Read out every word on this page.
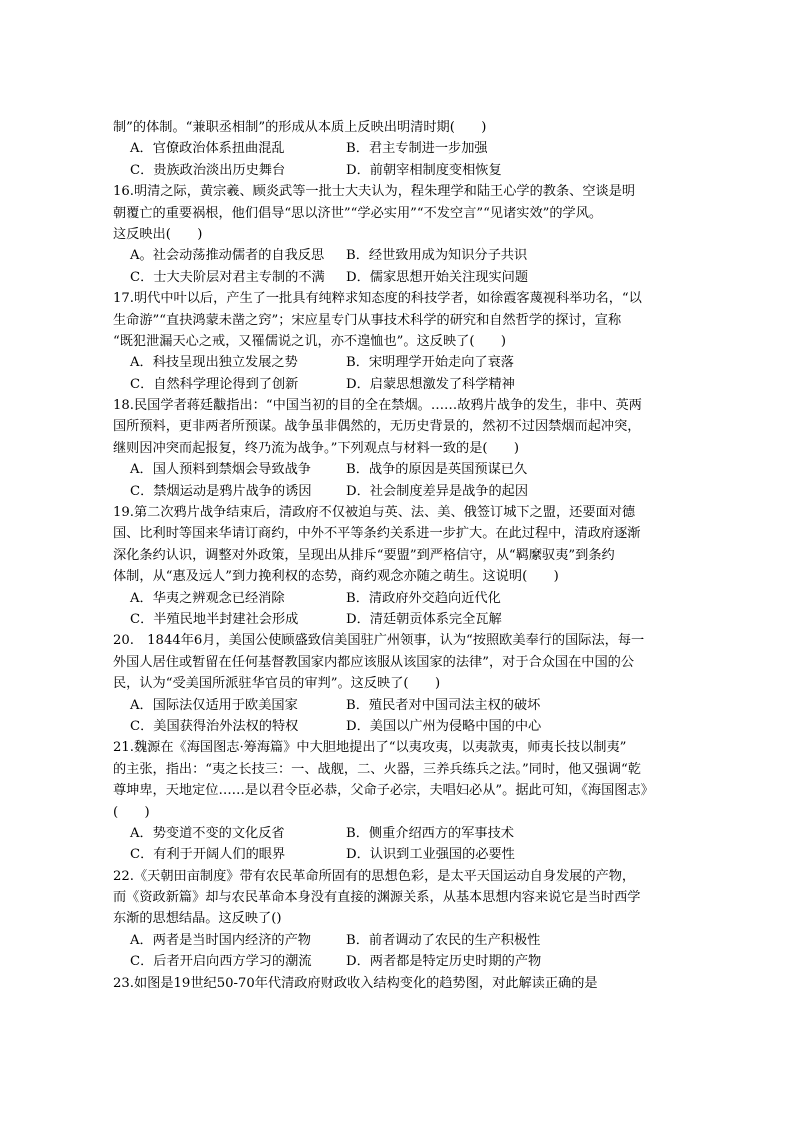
制”的体制。“兼职丞相制”的形成从本质上反映出明清时期(　　)
A．官僚政治体系扭曲混乱	B．君主专制进一步加强
C．贵族政治淡出历史舞台	D．前朝宰相制度变相恢复
16.明清之际，黄宗羲、顾炎武等一批士大夫认为，程朱理学和陆王心学的教条、空谈是明
朝覆亡的重要祸根，他们倡导“思以济世”“学必实用”“不发空言”“见诸实效”的学风。
这反映出(　　)
A。社会动荡推动儒者的自我反思 B．经世致用成为知识分子共识
C．士大夫阶层对君主专制的不满 D．儒家思想开始关注现实问题
17.明代中叶以后，产生了一批具有纯粹求知态度的科技学者，如徐霞客蔑视科举功名，“以
生命游”“直抉鸿蒙未凿之窍”；宋应星专门从事技术科学的研究和自然哲学的探讨，宣称
“既犯泄漏天心之戒，又罹儒说之讥，亦不遑恤也”。这反映了(　　)
A．科技呈现出独立发展之势	B．宋明理学开始走向了衰落
C．自然科学理论得到了创新	D．启蒙思想激发了科学精神
18.民国学者蒋廷黻指出：“中国当初的目的全在禁烟。……故鸦片战争的发生，非中、英两
国所预料，更非两者所预谋。战争虽非偶然的，无历史背景的，然初不过因禁烟而起冲突，
继则因冲突而起报复，终乃流为战争。”下列观点与材料一致的是(　　)
A．国人预料到禁烟会导致战争	B．战争的原因是英国预谋已久
C．禁烟运动是鸦片战争的诱因	D．社会制度差异是战争的起因
19.第二次鸦片战争结束后，清政府不仅被迫与英、法、美、俄签订城下之盟，还要面对德
国、比利时等国来华请订商约，中外不平等条约关系进一步扩大。在此过程中，清政府逐渐
深化条约认识，调整对外政策，呈现出从排斥“要盟”到严格信守，从“羁縻驭夷”到条约
体制，从“惠及远人”到力挽利权的态势，商约观念亦随之萌生。这说明(　　)
A．华夷之辨观念已经消除	B．清政府外交趋向近代化
C．半殖民地半封建社会形成	D．清廷朝贡体系完全瓦解
20.　1844年6月，美国公使顾盛致信美国驻广州领事，认为“按照欧美奉行的国际法，每一
外国人居住或暂留在任何基督教国家内都应该服从该国家的法律”，对于合众国在中国的公
民，认为“受美国所派驻华官员的审判”。这反映了(　　)
A．国际法仅适用于欧美国家	B．殖民者对中国司法主权的破坏
C．美国获得治外法权的特权	D．美国以广州为侵略中国的中心
21.魏源在《海国图志·筹海篇》中大胆地提出了“以夷攻夷，以夷款夷，师夷长技以制夷”
的主张，指出：“夷之长技三：一、战舰，二、火器，三养兵练兵之法。”同时，他又强调“乾
尊坤卑，天地定位……是以君令臣必恭，父命子必宗，夫唱妇必从”。据此可知，《海国图志》
(　　)
A．势变道不变的文化反省	B．侧重介绍西方的军事技术
C．有利于开阔人们的眼界	D．认识到工业强国的必要性
22.《天朝田亩制度》带有农民革命所固有的思想色彩，是太平天国运动自身发展的产物，
而《资政新篇》却与农民革命本身没有直接的渊源关系，从基本思想内容来说它是当时西学
东渐的思想结晶。这反映了()
A．两者是当时国内经济的产物	B．前者调动了农民的生产积极性
C．后者开启向西方学习的潮流	D．两者都是特定历史时期的产物
23.如图是19世纪50-70年代清政府财政收入结构变化的趋势图，对此解读正确的是
